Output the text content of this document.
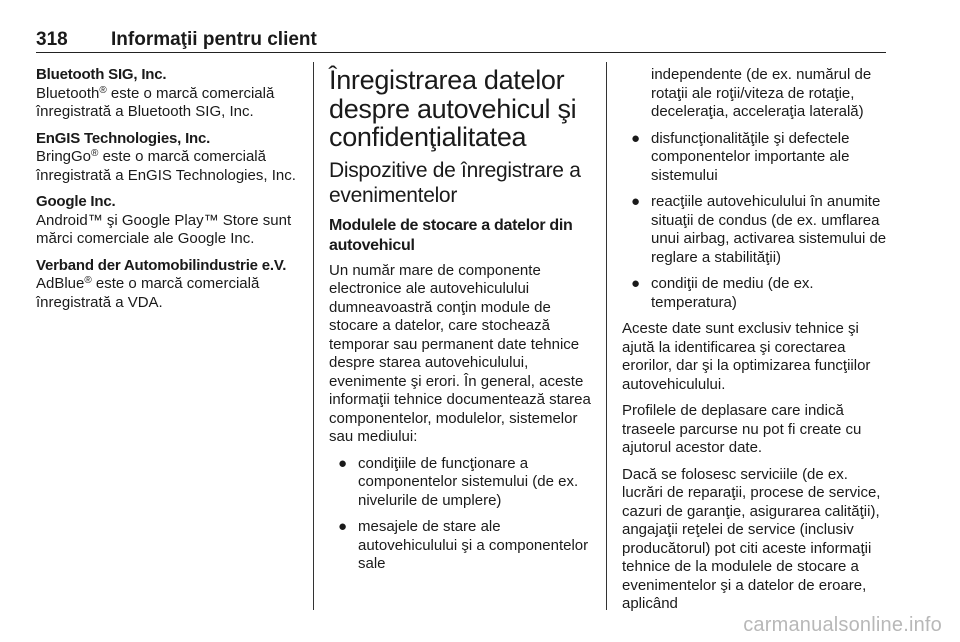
318 Informaţii pentru client
Bluetooth SIG, Inc.
Bluetooth® este o marcă comercială înregistrată a Bluetooth SIG, Inc.
EnGIS Technologies, Inc.
BringGo® este o marcă comercială înregistrată a EnGIS Technologies, Inc.
Google Inc.
Android™ şi Google Play™ Store sunt mărci comerciale ale Google Inc.
Verband der Automobilindustrie e.V.
AdBlue® este o marcă comercială înregistrată a VDA.
Înregistrarea datelor despre autovehicul şi confidenţialitatea
Dispozitive de înregistrare a evenimentelor
Modulele de stocare a datelor din autovehicul

Un număr mare de componente electronice ale autovehiculului dumneavoastră conţin module de stocare a datelor, care stochează temporar sau permanent date tehnice despre starea autovehiculului, evenimente şi erori. În general, aceste informaţii tehnice documentează starea componentelor, modulelor, sistemelor sau mediului:

● condiţiile de funcţionare a componentelor sistemului (de ex. nivelurile de umplere)
● mesajele de stare ale autovehiculului şi a componentelor sale
independente (de ex. numărul de rotaţii ale roţii/viteza de rotaţie, deceleraţia, acceleraţia laterală)
● disfuncţionalităţile şi defectele componentelor importante ale sistemului
● reacţiile autovehiculului în anumite situaţii de condus (de ex. umflarea unui airbag, activarea sistemului de reglare a stabilităţii)
● condiţii de mediu (de ex. temperatura)

Aceste date sunt exclusiv tehnice şi ajută la identificarea şi corectarea erorilor, dar şi la optimizarea funcţiilor autovehiculului.

Profilele de deplasare care indică traseele parcurse nu pot fi create cu ajutorul acestor date.

Dacă se folosesc serviciile (de ex. lucrări de reparaţii, procese de service, cazuri de garanţie, asigurarea calităţii), angajaţii reţelei de service (inclusiv producătorul) pot citi aceste informaţii tehnice de la modulele de stocare a evenimentelor şi a datelor de eroare, aplicând

carmanualsonline.info
